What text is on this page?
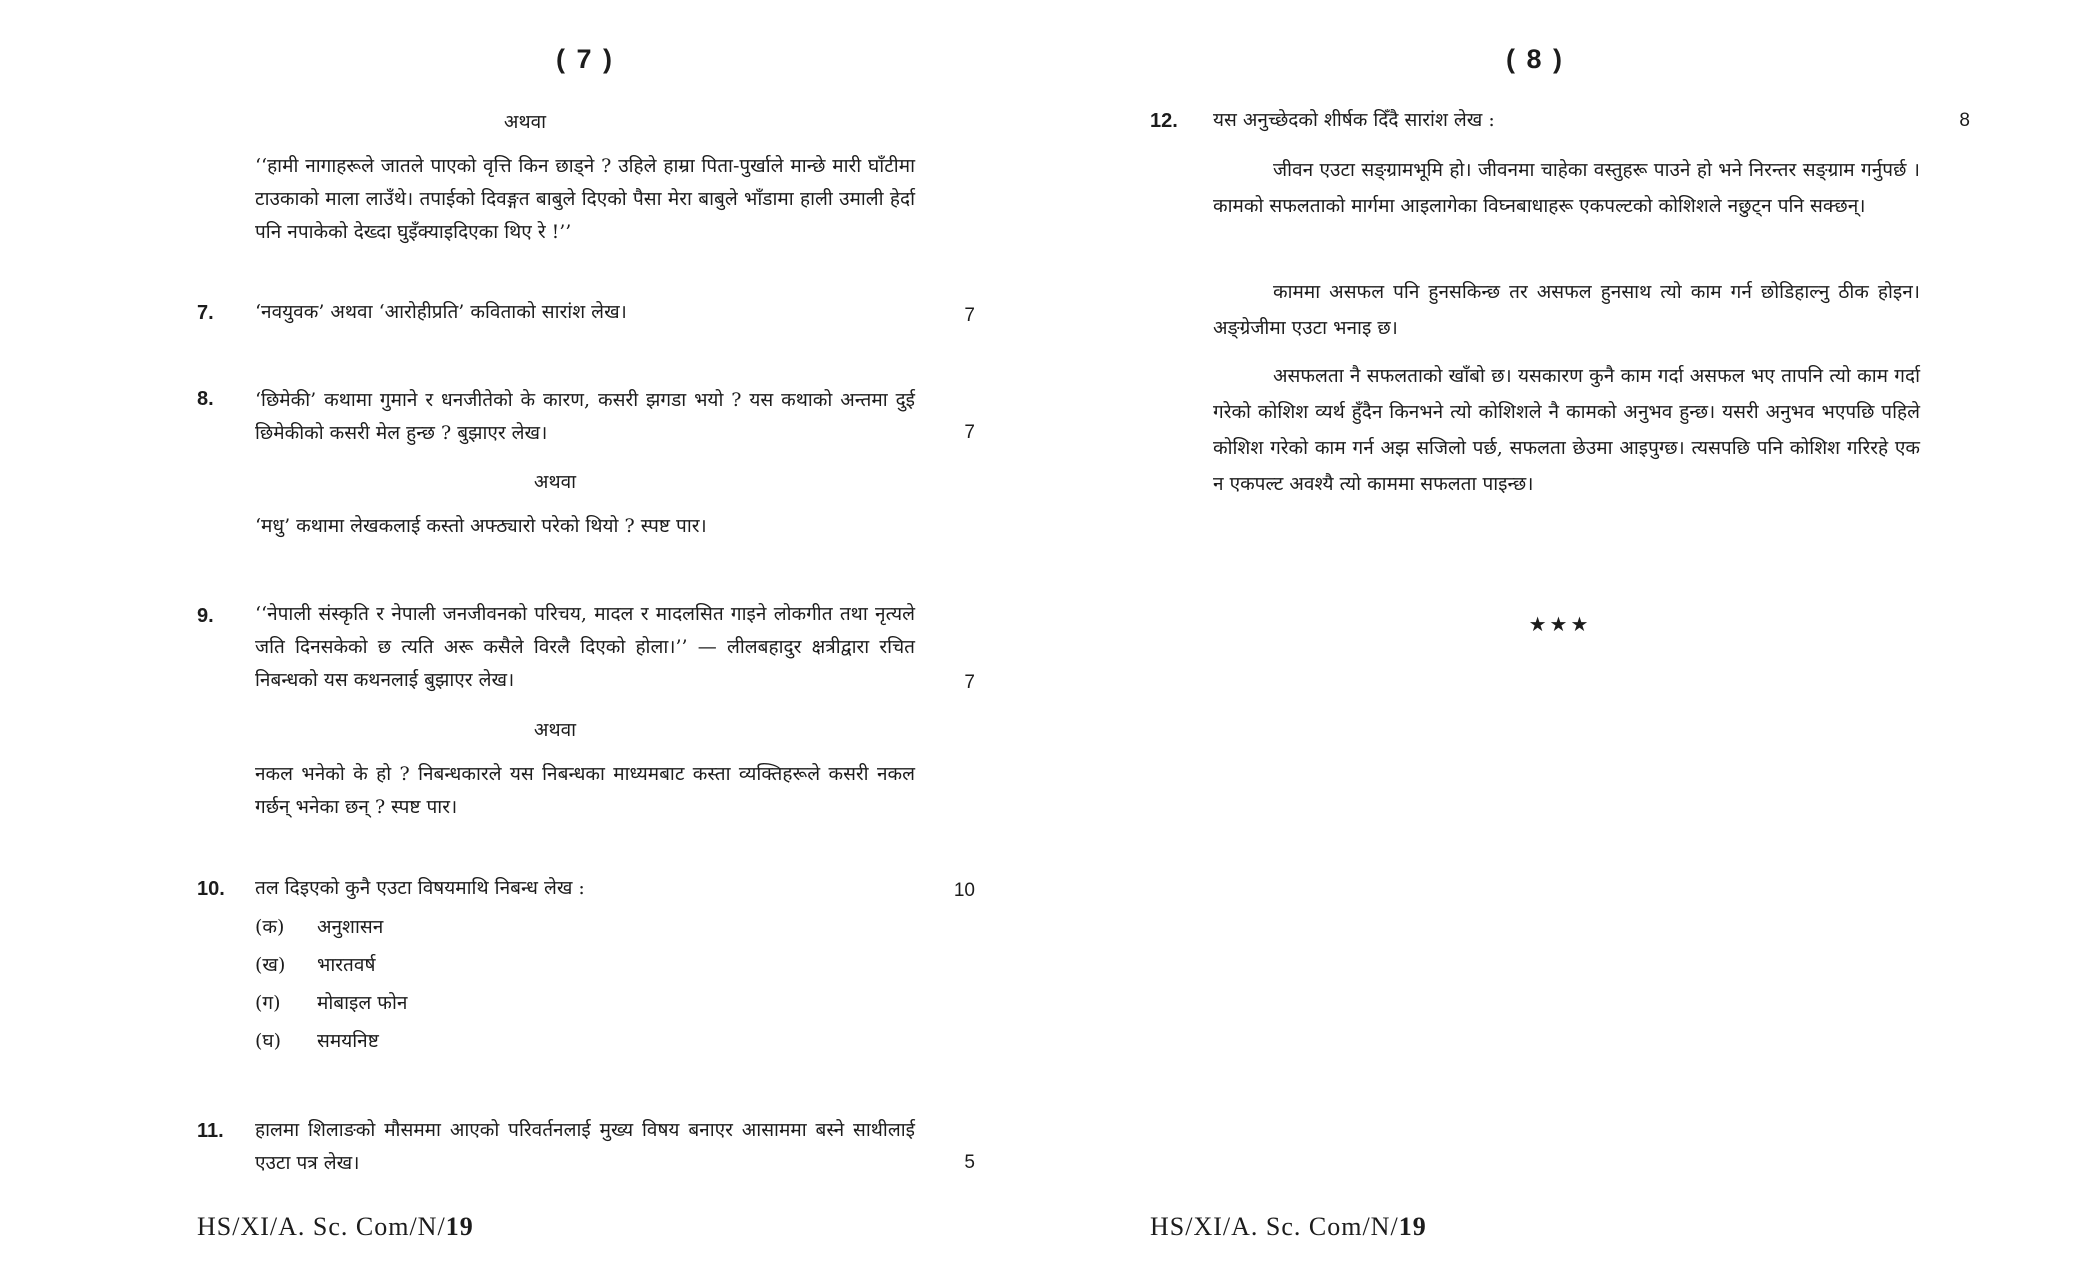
( 7 )
अथवा
‘‘हामी नागाहरूले जातले पाएको वृत्ति किन छाड्ने ? उहिले हाम्रा पिता-पुर्खाले मान्छे मारी घाँटीमा टाउकाको माला लाउँथे। तपाईको दिवङ्गत बाबुले दिएको पैसा मेरा बाबुले भाँडामा हाली उमाली हेर्दा पनि नपाकेको देख्दा घुइँक्याइदिएका थिए रे !’’
7. ‘नवयुवक’ अथवा ‘आरोहीप्रति’ कविताको सारांश लेख।	7
8. ‘छिमेकी’ कथामा गुमाने र धनजीतेको के कारण, कसरी झगडा भयो ? यस कथाको अन्तमा दुई छिमेकीको कसरी मेल हुन्छ ? बुझाएर लेख।	7
अथवा
‘मधु’ कथामा लेखकलाई कस्तो अफ्ठ्यारो परेको थियो ? स्पष्ट पार।
9. ‘‘नेपाली संस्कृति र नेपाली जनजीवनको परिचय, मादल र मादलसित गाइने लोकगीत तथा नृत्यले जति दिनसकेको छ त्यति अरू कसैले विरलै दिएको होला।’’ — लीलबहादुर क्षत्रीद्वारा रचित निबन्धको यस कथनलाई बुझाएर लेख।	7
अथवा
नकल भनेको के हो ? निबन्धकारले यस निबन्धका माध्यमबाट कस्ता व्यक्तिहरूले कसरी नकल गर्छन् भनेका छन् ? स्पष्ट पार।
10. तल दिइएको कुनै एउटा विषयमाथि निबन्ध लेख :	10
(क) अनुशासन
(ख) भारतवर्ष
(ग) मोबाइल फोन
(घ) समयनिष्ट
11. हालमा शिलाङको मौसममा आएको परिवर्तनलाई मुख्य विषय बनाएर आसाममा बस्ने साथीलाई एउटा पत्र लेख।	5
HS/XI/A. Sc. Com/N/19
( 8 )
12. यस अनुच्छेदको शीर्षक दिँदै सारांश लेख :	8
जीवन एउटा सङ्ग्रामभूमि हो। जीवनमा चाहेका वस्तुहरू पाउने हो भने निरन्तर सङ्ग्राम गर्नुपर्छ । कामको सफलताको मार्गमा आइलागेका विघ्नबाधाहरू एकपल्टको कोशिशले नछुट्न पनि सक्छन्।
काममा असफल पनि हुनसकिन्छ तर असफल हुनसाथ त्यो काम गर्न छोडिहाल्नु ठीक होइन। अङ्ग्रेजीमा एउटा भनाइ छ।
असफलता नै सफलताको खाँबो छ। यसकारण कुनै काम गर्दा असफल भए तापनि त्यो काम गर्दा गरेको कोशिश व्यर्थ हुँदैन किनभने त्यो कोशिशले नै कामको अनुभव हुन्छ। यसरी अनुभव भएपछि पहिले कोशिश गरेको काम गर्न अझ सजिलो पर्छ, सफलता छेउमा आइपुग्छ। त्यसपछि पनि कोशिश गरिरहे एक न एकपल्ट अवश्यै त्यो काममा सफलता पाइन्छ।
★★★
HS/XI/A. Sc. Com/N/19
